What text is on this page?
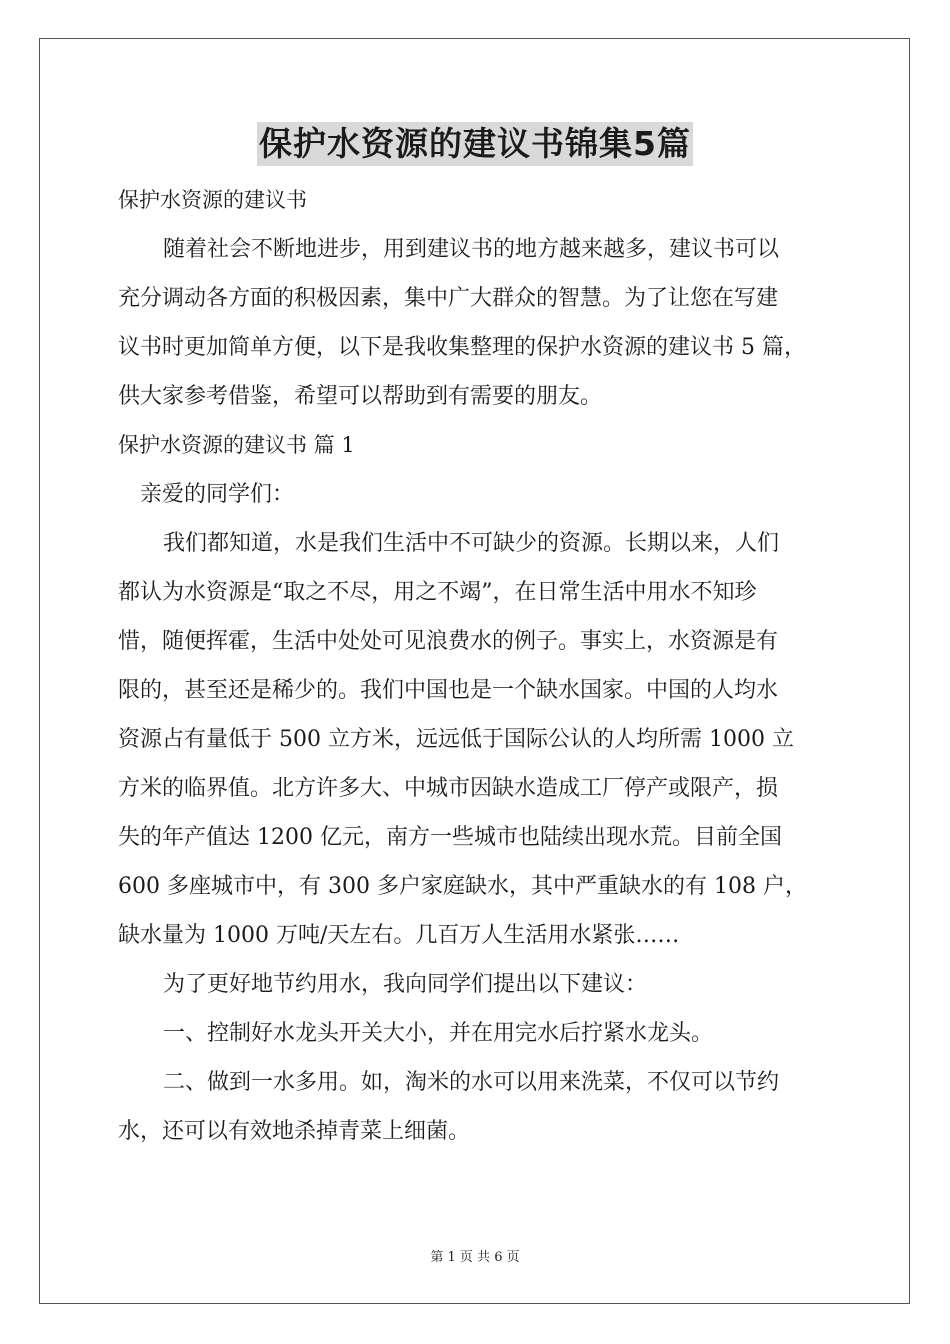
保护水资源的建议书锦集5篇

保护水资源的建议书

随着社会不断地进步，用到建议书的地方越来越多，建议书可以

充分调动各方面的积极因素，集中广大群众的智慧。为了让您在写建

议书时更加简单方便，以下是我收集整理的保护水资源的建议书 5 篇，

供大家参考借鉴，希望可以帮助到有需要的朋友。

保护水资源的建议书 篇 1

亲爱的同学们：

我们都知道，水是我们生活中不可缺少的资源。长期以来，人们

都认为水资源是“取之不尽，用之不竭”，在日常生活中用水不知珍

惜，随便挥霍，生活中处处可见浪费水的例子。事实上，水资源是有

限的，甚至还是稀少的。我们中国也是一个缺水国家。中国的人均水

资源占有量低于 500 立方米，远远低于国际公认的人均所需 1000 立

方米的临界值。北方许多大、中城市因缺水造成工厂停产或限产，损

失的年产值达 1200 亿元，南方一些城市也陆续出现水荒。目前全国

600 多座城市中，有 300 多户家庭缺水，其中严重缺水的有 108 户，

缺水量为 1000 万吨/天左右。几百万人生活用水紧张……

为了更好地节约用水，我向同学们提出以下建议：

一、控制好水龙头开关大小，并在用完水后拧紧水龙头。

二、做到一水多用。如，淘米的水可以用来洗菜，不仅可以节约

水，还可以有效地杀掉青菜上细菌。

第 1 页 共 6 页
